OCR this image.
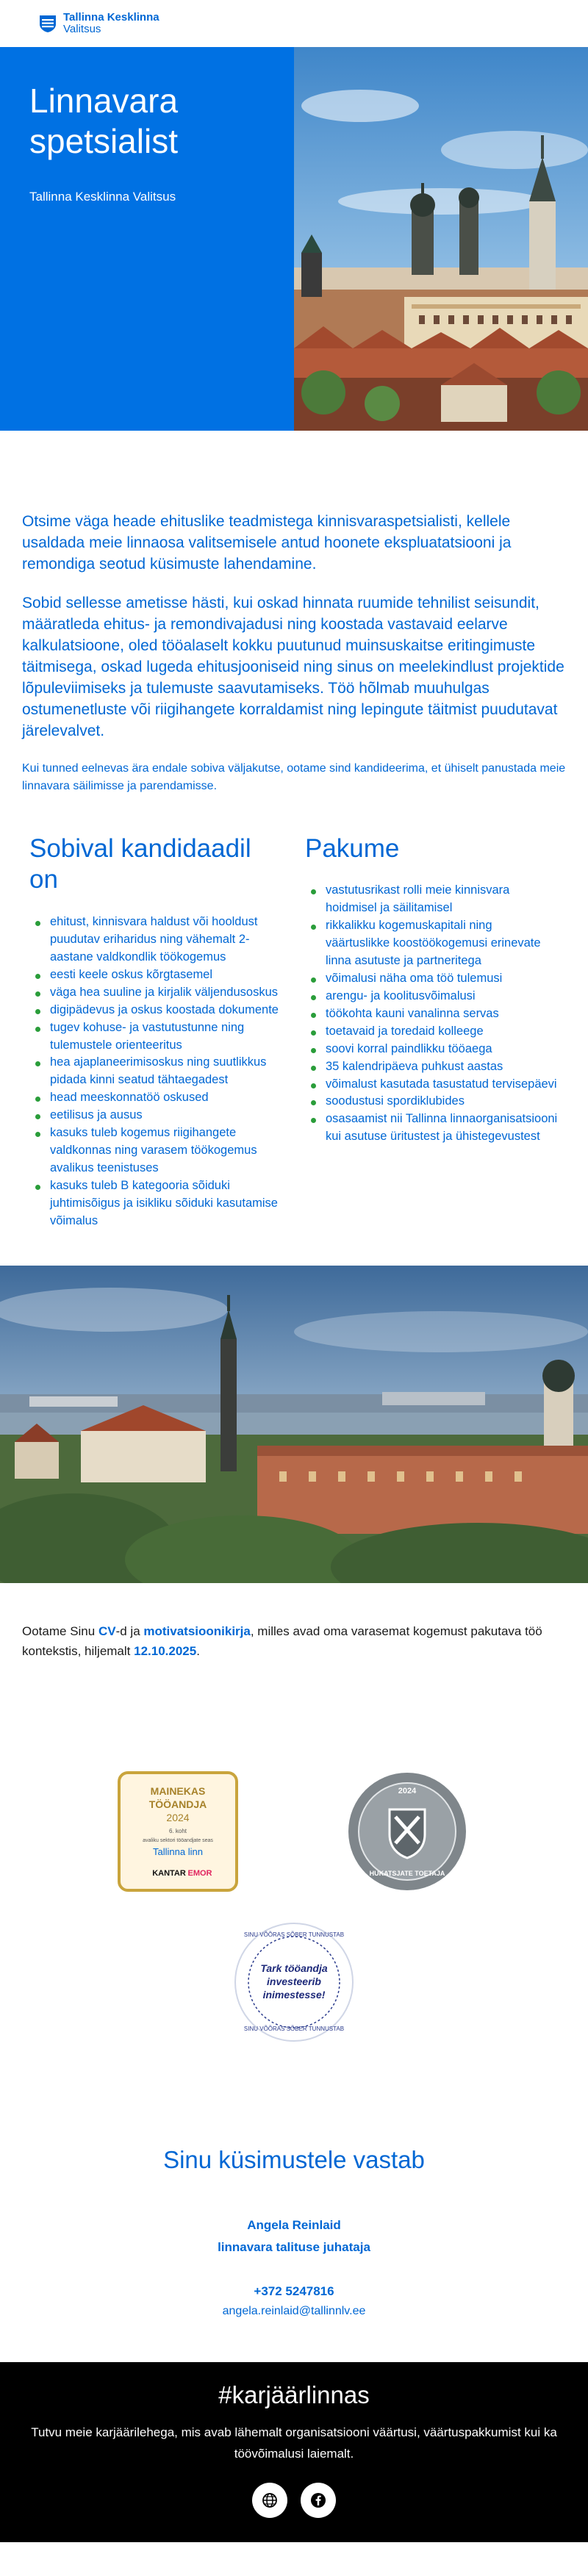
Tallinna Kesklinna
Valitsus
Linnavara spetsialist
Tallinna Kesklinna Valitsus

Otsime väga heade ehituslike teadmistega kinnisvaraspetsialisti, kellele usaldada meie linnaosa valitsemisele antud hoonete ekspluatatsiooni ja remondiga seotud küsimuste lahendamine.

Sobid sellesse ametisse hästi, kui oskad hinnata ruumide tehnilist seisundit, määratleda ehitus- ja remondivajadusi ning koostada vastavaid eelarve kalkulatsioone, oled tööalaselt kokku puutunud muinsuskaitse eritingimuste täitmisega, oskad lugeda ehitusjooniseid ning sinus on meelekindlust projektide lõpuleviimiseks ja tulemuste saavutamiseks. Töö hõlmab muuhulgas ostumenetluste või riigihangete korraldamist ning lepingute täitmist puudutavat järelevalvet.

Kui tunned eelnevas ära endale sobiva väljakutse, ootame sind kandideerima, et ühiselt panustada meie linnavara säilimisse ja parendamisse.

Sobival kandidaadil on
ehitust, kinnisvara haldust või hooldust puudutav eriharidus ning vähemalt 2-aastane valdkondlik töökogemus
eesti keele oskus kõrgtasemel
väga hea suuline ja kirjalik väljendusoskus
digipädevus ja oskus koostada dokumente
tugev kohuse- ja vastutustunne ning tulemustele orienteeritus
hea ajaplaneerimisoskus ning suutlikkus pidada kinni seatud tähtaegadest
head meeskonnatöö oskused
eetilisus ja ausus
kasuks tuleb kogemus riigihangete valdkonnas ning varasem töökogemus avalikus teenistuses
kasuks tuleb B kategooria sõiduki juhtimisõigus ja isikliku sõiduki kasutamise võimalus
Pakume
vastutusrikast rolli meie kinnisvara hoidmisel ja säilitamisel
rikkalikku kogemuskapitali ning väärtuslikke koostöökogemusi erinevate linna asutuste ja partneritega
võimalusi näha oma töö tulemusi
arengu- ja koolitusvõimalusi
töökohta kauni vanalinna servas
toetavaid ja toredaid kolleege
soovi korral paindlikku tööaega
35 kalendripäeva puhkust aastas
võimalust kasutada tasustatud tervisepäevi
soodustusi spordiklubides
osasaamist nii Tallinna linnaorganisatsiooni kui asutuse üritustest ja ühistegevustest
Ootame Sinu CV-d ja motivatsioonikirja, milles avad oma varasemat kogemust pakutava töö kontekstis, hiljemalt 12.10.2025.
MAINEKAS
TÖÖANDJA
2024
6. koht
avaliku sektori tööandjate seas
Tallinna linn
KANTAR EMOR
2024
HUKATSJATE TOETAJA
SINU VÕÕRAS SÕBER TUNNUSTAB
SINU VÕÕRAS SÕBER TUNNUSTAB
Tark tööandja
investeerib
inimestesse!
Sinu küsimustele vastab
Angela Reinlaid
linnavara talituse juhataja
+372 5247816
angela.reinlaid@tallinnlv.ee
#karjäärlinnas
Tutvu meie karjäärilehega, mis avab lähemalt organisatsiooni väärtusi, väärtuspakkumist kui ka töövõimalusi laiemalt.
